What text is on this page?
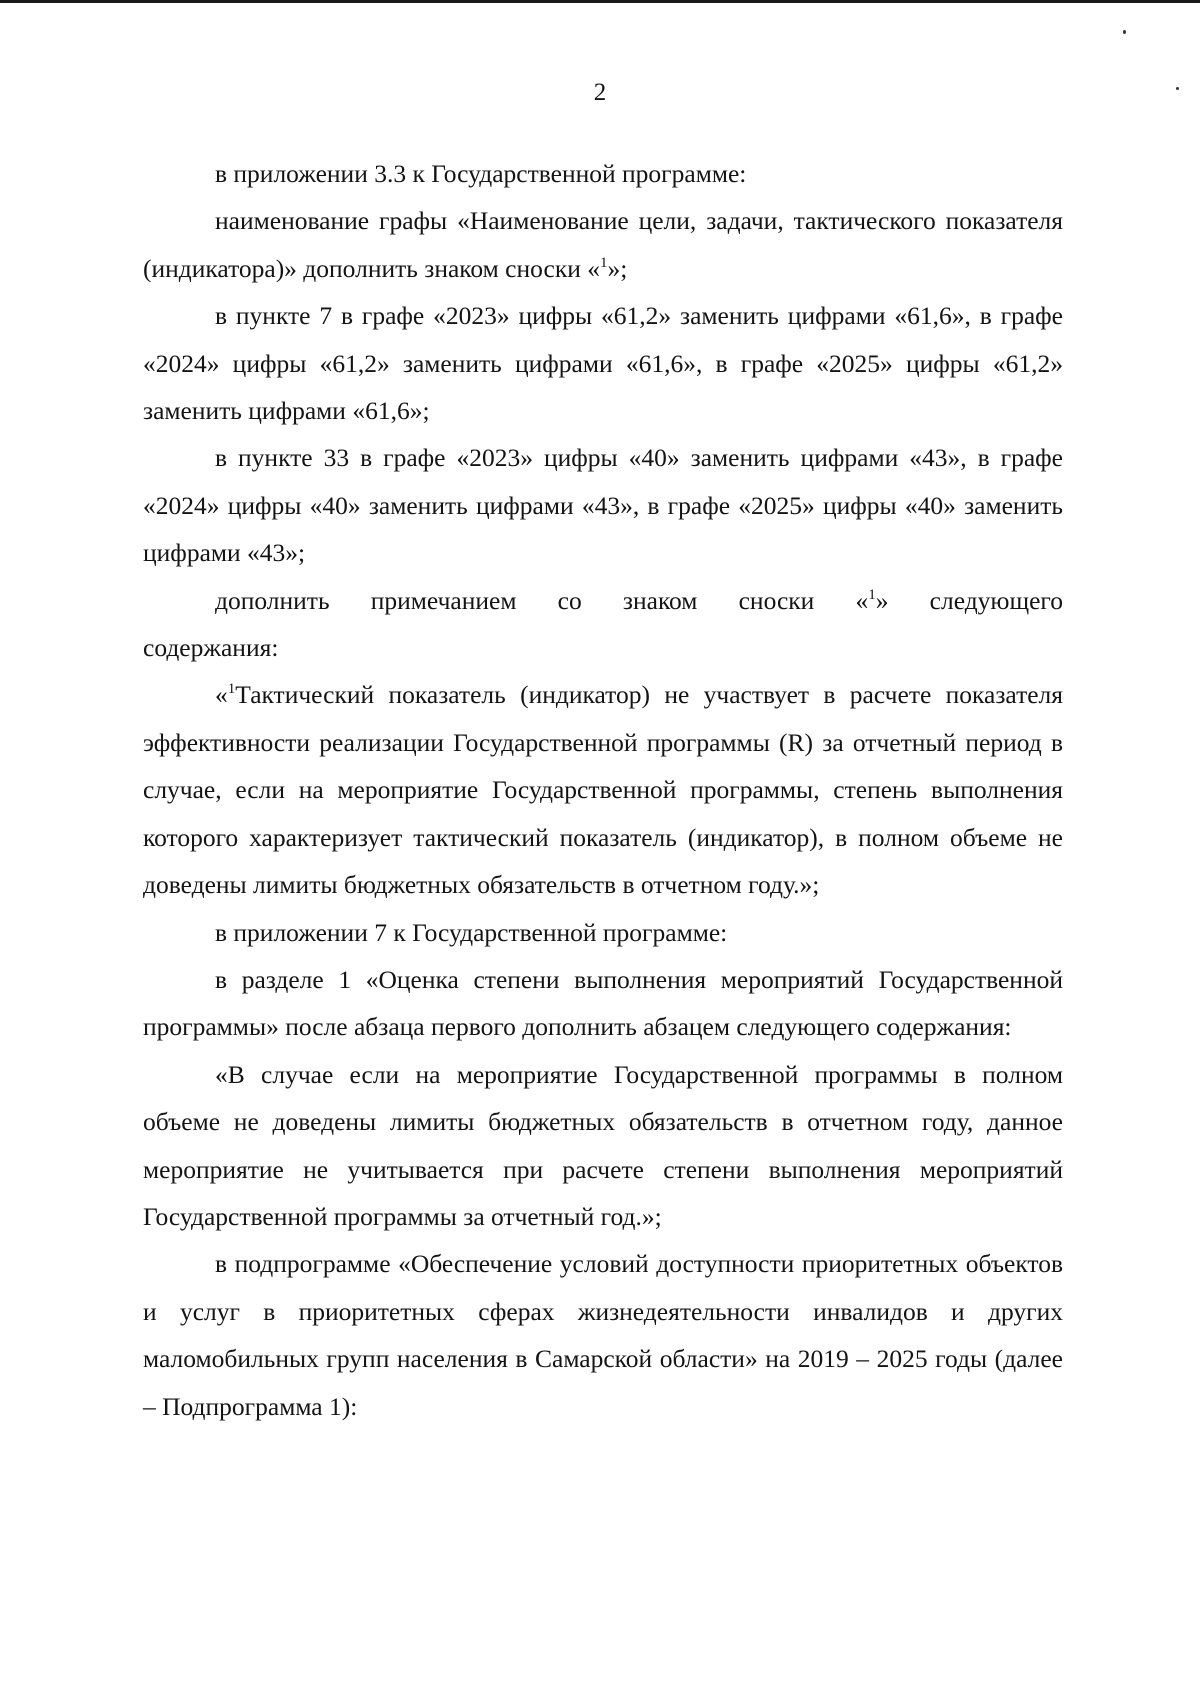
2

в приложении 3.3 к Государственной программе:

наименование графы «Наименование цели, задачи, тактического показателя (индикатора)» дополнить знаком сноски «$^1$»;

в пункте 7 в графе «2023» цифры «61,2» заменить цифрами «61,6», в графе «2024» цифры «61,2» заменить цифрами «61,6», в графе «2025» цифры «61,2» заменить цифрами «61,6»;

в пункте 33 в графе «2023» цифры «40» заменить цифрами «43», в графе «2024» цифры «40» заменить цифрами «43», в графе «2025» цифры «40» заменить цифрами «43»;

дополнить примечанием со знаком сноски «$^1$» следующего

содержания:

«$^1$Тактический показатель (индикатор) не участвует в расчете показателя эффективности реализации Государственной программы (R) за отчетный период в случае, если на мероприятие Государственной программы, степень выполнения которого характеризует тактический показатель (индикатор), в полном объеме не доведены лимиты бюджетных обязательств в отчетном году.»;

в приложении 7 к Государственной программе:

в разделе 1 «Оценка степени выполнения мероприятий Государственной программы» после абзаца первого дополнить абзацем следующего содержания:

«В случае если на мероприятие Государственной программы в полном объеме не доведены лимиты бюджетных обязательств в отчетном году, данное мероприятие не учитывается при расчете степени выполнения мероприятий Государственной программы за отчетный год.»;

в подпрограмме «Обеспечение условий доступности приоритетных объектов и услуг в приоритетных сферах жизнедеятельности инвалидов и других маломобильных групп населения в Самарской области» на 2019 – 2025 годы (далее – Подпрограмма 1):
